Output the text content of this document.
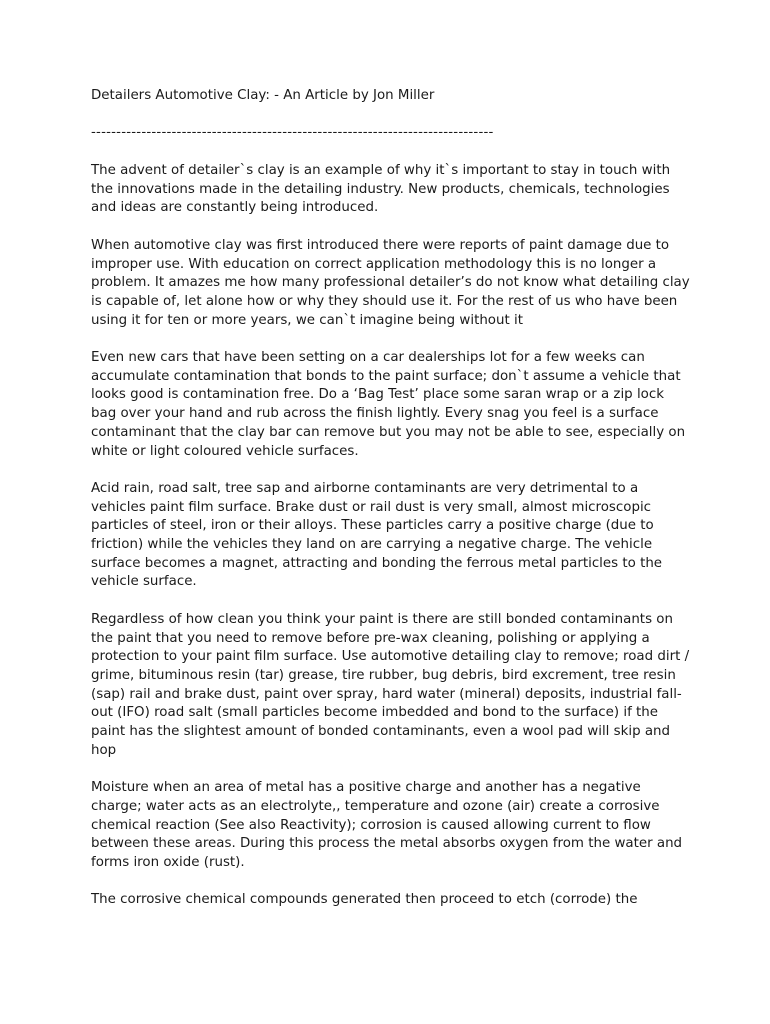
Detailers Automotive Clay: - An Article by Jon Miller

--------------------------------------------------------------------------------

The advent of detailer`s clay is an example of why it`s important to stay in touch with the innovations made in the detailing industry. New products, chemicals, technologies and ideas are constantly being introduced.

When automotive clay was first introduced there were reports of paint damage due to improper use. With education on correct application methodology this is no longer a problem. It amazes me how many professional detailer’s do not know what detailing clay is capable of, let alone how or why they should use it. For the rest of us who have been using it for ten or more years, we can`t imagine being without it

Even new cars that have been setting on a car dealerships lot for a few weeks can accumulate contamination that bonds to the paint surface; don`t assume a vehicle that looks good is contamination free. Do a ‘Bag Test’ place some saran wrap or a zip lock bag over your hand and rub across the finish lightly. Every snag you feel is a surface contaminant that the clay bar can remove but you may not be able to see, especially on white or light coloured vehicle surfaces.

Acid rain, road salt, tree sap and airborne contaminants are very detrimental to a vehicles paint film surface. Brake dust or rail dust is very small, almost microscopic particles of steel, iron or their alloys. These particles carry a positive charge (due to friction) while the vehicles they land on are carrying a negative charge. The vehicle surface becomes a magnet, attracting and bonding the ferrous metal particles to the vehicle surface.

Regardless of how clean you think your paint is there are still bonded contaminants on the paint that you need to remove before pre-wax cleaning, polishing or applying a protection to your paint film surface. Use automotive detailing clay to remove; road dirt / grime, bituminous resin (tar) grease, tire rubber, bug debris, bird excrement, tree resin (sap) rail and brake dust, paint over spray, hard water (mineral) deposits, industrial fall-out (IFO) road salt (small particles become imbedded and bond to the surface) if the paint has the slightest amount of bonded contaminants, even a wool pad will skip and hop

Moisture when an area of metal has a positive charge and another has a negative charge; water acts as an electrolyte,, temperature and ozone (air) create a corrosive chemical reaction (See also Reactivity); corrosion is caused allowing current to flow between these areas. During this process the metal absorbs oxygen from the water and forms iron oxide (rust).

The corrosive chemical compounds generated then proceed to etch (corrode) the
